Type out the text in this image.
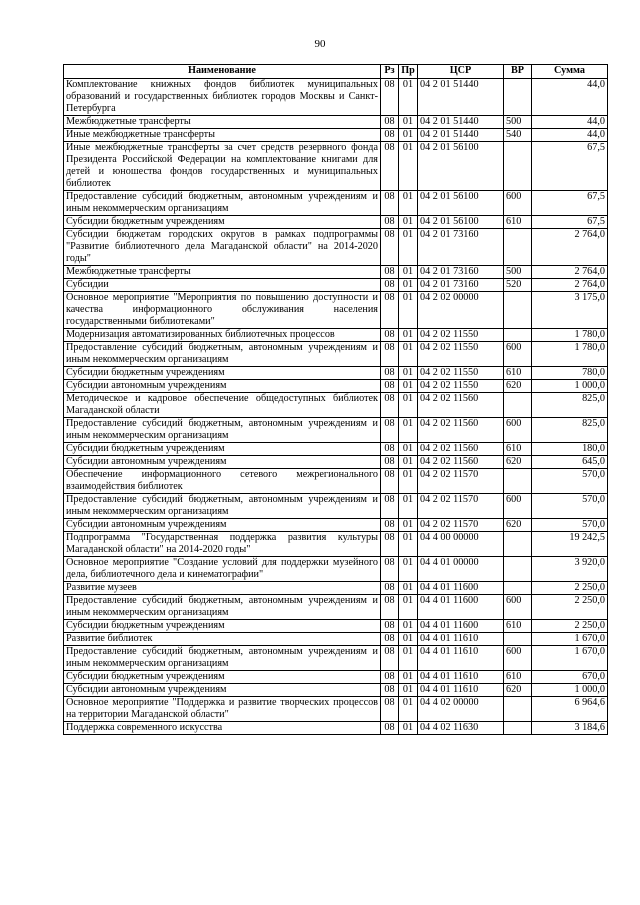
90
Наименование	Рз	Пр	ЦСР	ВР	Сумма
Комплектование книжных фондов библиотек муниципальных образований и государственных библиотек городов Москвы и Санкт-Петербурга	08	01	04 2 01 51440		44,0
Межбюджетные трансферты	08	01	04 2 01 51440	500	44,0
Иные межбюджетные трансферты	08	01	04 2 01 51440	540	44,0
Иные межбюджетные трансферты за счет средств резервного фонда Президента Российской Федерации на комплектование книгами для детей и юношества фондов государственных и муниципальных библиотек	08	01	04 2 01 56100		67,5
Предоставление субсидий бюджетным, автономным учреждениям и иным некоммерческим организациям	08	01	04 2 01 56100	600	67,5
Субсидии бюджетным учреждениям	08	01	04 2 01 56100	610	67,5
Субсидии бюджетам городских округов в рамках подпрограммы "Развитие библиотечного дела Магаданской области" на 2014-2020 годы"	08	01	04 2 01 73160		2 764,0
Межбюджетные трансферты	08	01	04 2 01 73160	500	2 764,0
Субсидии	08	01	04 2 01 73160	520	2 764,0
Основное мероприятие "Мероприятия по повышению доступности и качества информационного обслуживания населения государственными библиотеками"	08	01	04 2 02 00000		3 175,0
Модернизация автоматизированных библиотечных процессов	08	01	04 2 02 11550		1 780,0
Предоставление субсидий бюджетным, автономным учреждениям и иным некоммерческим организациям	08	01	04 2 02 11550	600	1 780,0
Субсидии бюджетным учреждениям	08	01	04 2 02 11550	610	780,0
Субсидии автономным учреждениям	08	01	04 2 02 11550	620	1 000,0
Методическое и кадровое обеспечение общедоступных библиотек Магаданской области	08	01	04 2 02 11560		825,0
Предоставление субсидий бюджетным, автономным учреждениям и иным некоммерческим организациям	08	01	04 2 02 11560	600	825,0
Субсидии бюджетным учреждениям	08	01	04 2 02 11560	610	180,0
Субсидии автономным учреждениям	08	01	04 2 02 11560	620	645,0
Обеспечение информационного сетевого межрегионального взаимодействия библиотек	08	01	04 2 02 11570		570,0
Предоставление субсидий бюджетным, автономным учреждениям и иным некоммерческим организациям	08	01	04 2 02 11570	600	570,0
Субсидии автономным учреждениям	08	01	04 2 02 11570	620	570,0
Подпрограмма "Государственная поддержка развития культуры Магаданской области" на 2014-2020 годы"	08	01	04 4 00 00000		19 242,5
Основное мероприятие "Создание условий для поддержки музейного дела, библиотечного дела и кинематографии"	08	01	04 4 01 00000		3 920,0
Развитие музеев	08	01	04 4 01 11600		2 250,0
Предоставление субсидий бюджетным, автономным учреждениям и иным некоммерческим организациям	08	01	04 4 01 11600	600	2 250,0
Субсидии бюджетным учреждениям	08	01	04 4 01 11600	610	2 250,0
Развитие библиотек	08	01	04 4 01 11610		1 670,0
Предоставление субсидий бюджетным, автономным учреждениям и иным некоммерческим организациям	08	01	04 4 01 11610	600	1 670,0
Субсидии бюджетным учреждениям	08	01	04 4 01 11610	610	670,0
Субсидии автономным учреждениям	08	01	04 4 01 11610	620	1 000,0
Основное мероприятие "Поддержка и развитие творческих процессов на территории Магаданской области"	08	01	04 4 02 00000		6 964,6
Поддержка современного искусства	08	01	04 4 02 11630		3 184,6
